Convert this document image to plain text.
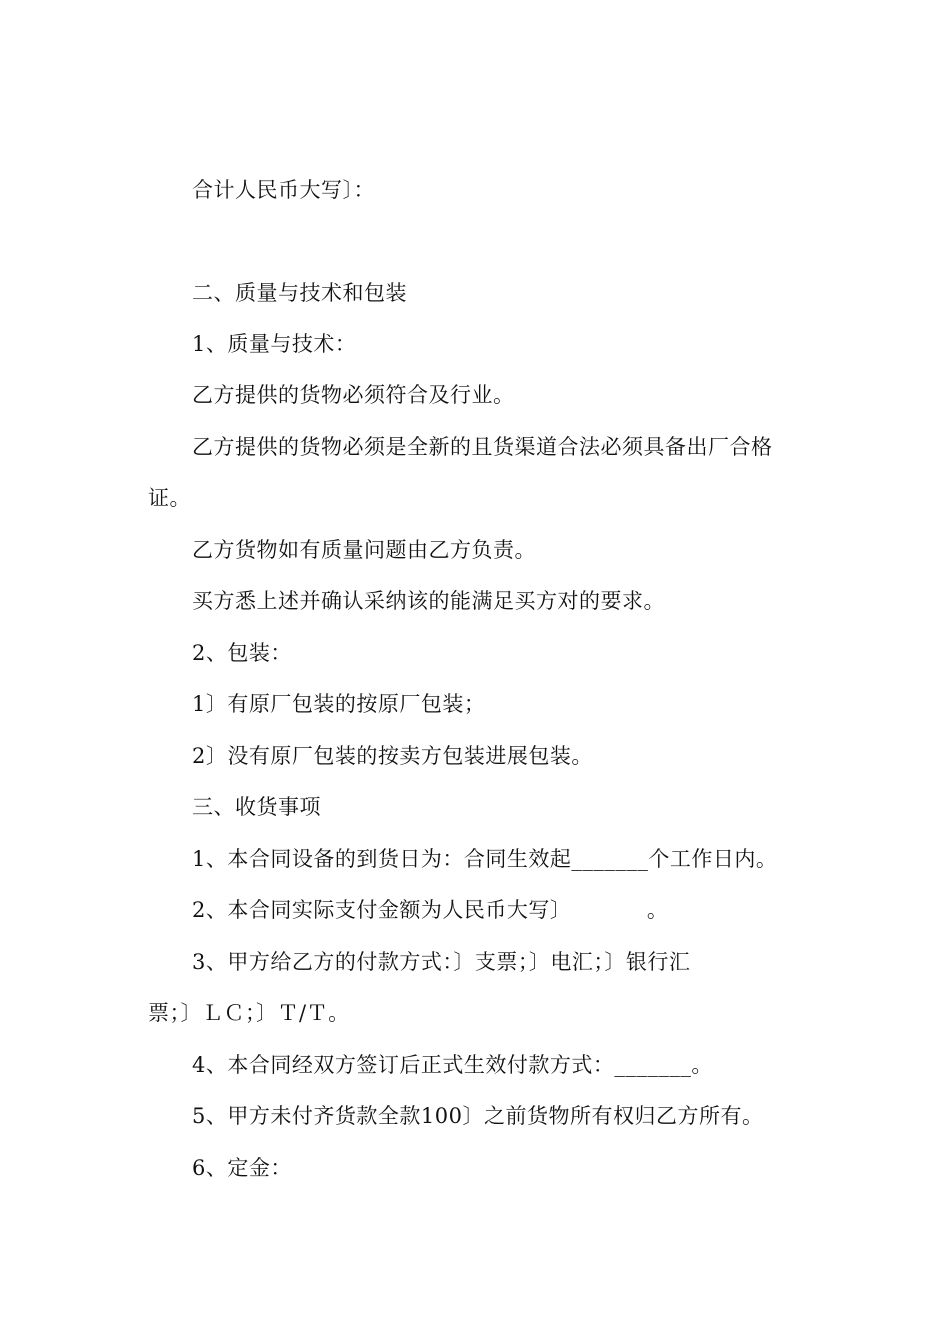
合计人民币大写〕：
二、质量与技术和包装
1、质量与技术：
乙方提供的货物必须符合及行业。
乙方提供的货物必须是全新的且货渠道合法必须具备出厂合格
证。
乙方货物如有质量问题由乙方负责。
买方悉上述并确认采纳该的能满足买方对的要求。
2、包装：
1〕有原厂包装的按原厂包装；
2〕没有原厂包装的按卖方包装进展包装。
三、收货事项
1、本合同设备的到货日为：合同生效起_______个工作日内。
2、本合同实际支付金额为人民币大写〕　　　　。
3、甲方给乙方的付款方式：〕支票；〕电汇；〕银行汇
票；〕ＬＣ；〕Ｔ/Ｔ。
4、本合同经双方签订后正式生效付款方式：_______。
5、甲方未付齐货款全款100〕之前货物所有权归乙方所有。
6、定金：
